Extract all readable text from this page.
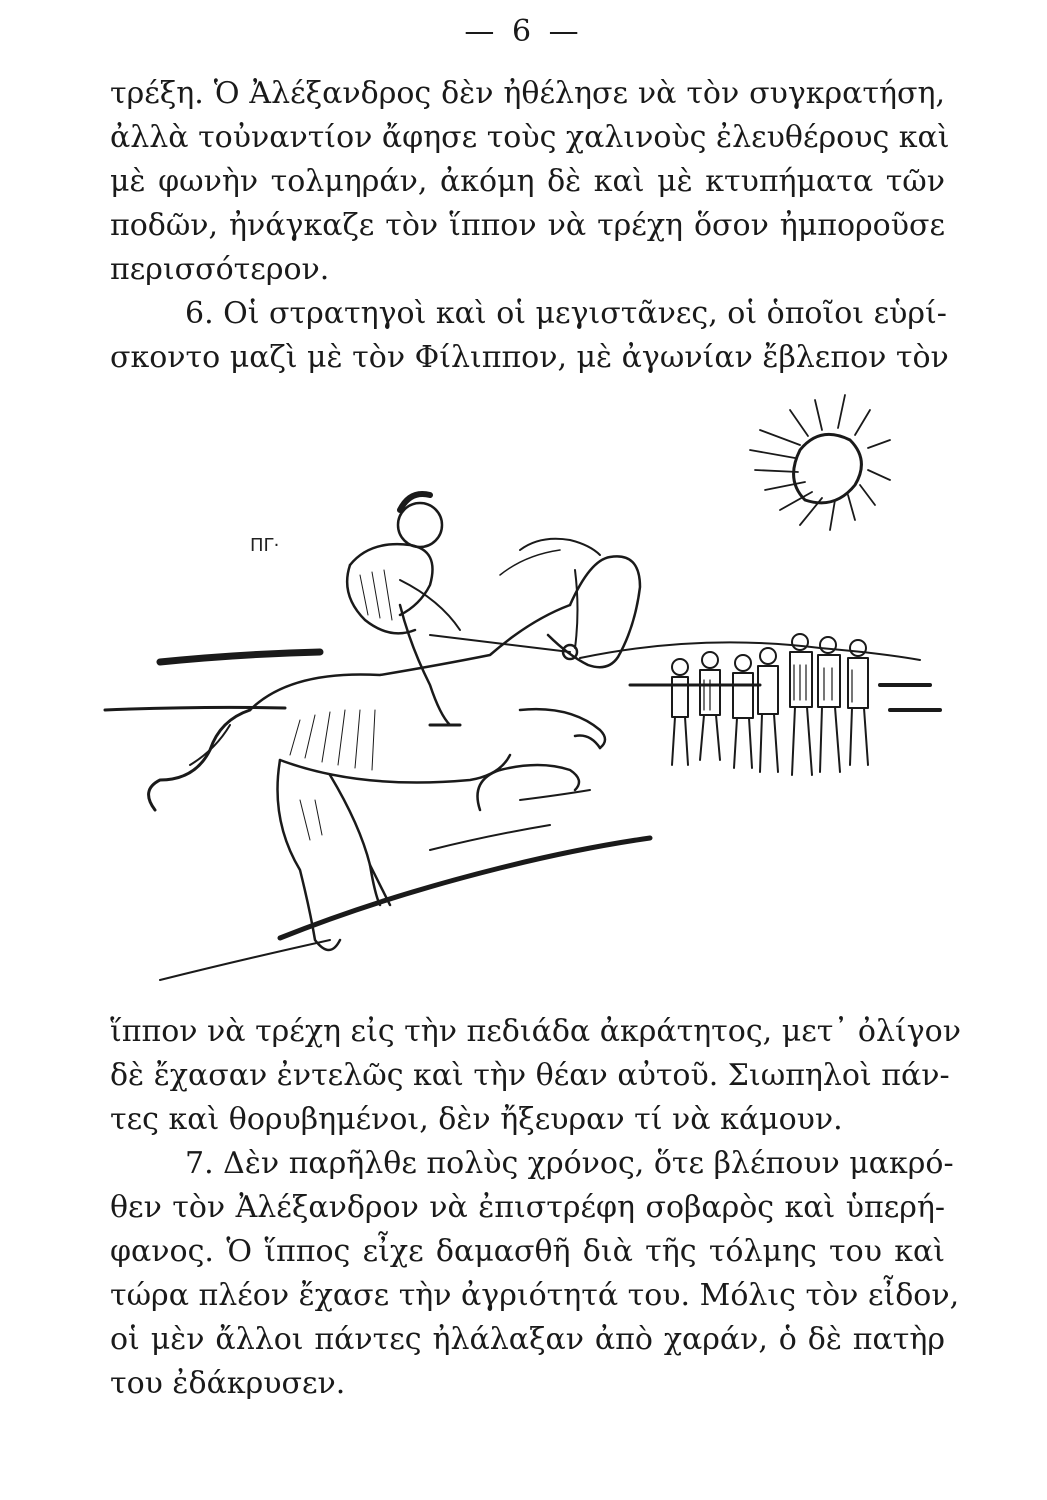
— 6 —
τρέξη. Ὁ Ἀλέξανδρος δὲν ἠθέλησε νὰ τὸν συγκρατήση,
ἀλλὰ τοὐναντίον ἄφησε τοὺς χαλινοὺς ἐλευθέρους καὶ
μὲ φωνὴν τολμηράν, ἀκόμη δὲ καὶ μὲ κτυπήματα τῶν
ποδῶν, ἠνάγκαζε τὸν ἵππον νὰ τρέχη ὅσον ἠμποροῦσε
περισσότερον.
6. Οἱ στρατηγοὶ καὶ οἱ μεγιστᾶνες, οἱ ὁποῖοι εὑρί-
σκοντο μαζὶ μὲ τὸν Φίλιππον, μὲ ἀγωνίαν ἔβλεπον τὸν
ΠΓ·
ἵππον νὰ τρέχη εἰς τὴν πεδιάδα ἀκράτητος, μετ᾽ ὀλίγον
δὲ ἔχασαν ἐντελῶς καὶ τὴν θέαν αὐτοῦ. Σιωπηλοὶ πάν-
τες καὶ θορυβημένοι, δὲν ἤξευραν τί νὰ κάμουν.
7. Δὲν παρῆλθε πολὺς χρόνος, ὅτε βλέπουν μακρό-
θεν τὸν Ἀλέξανδρον νὰ ἐπιστρέφη σοβαρὸς καὶ ὑπερή-
φανος. Ὁ ἵππος εἶχε δαμασθῆ διὰ τῆς τόλμης του καὶ
τώρα πλέον ἔχασε τὴν ἀγριότητά του. Μόλις τὸν εἶδον,
οἱ μὲν ἄλλοι πάντες ἠλάλαξαν ἀπὸ χαράν, ὁ δὲ πατὴρ
του ἐδάκρυσεν.
